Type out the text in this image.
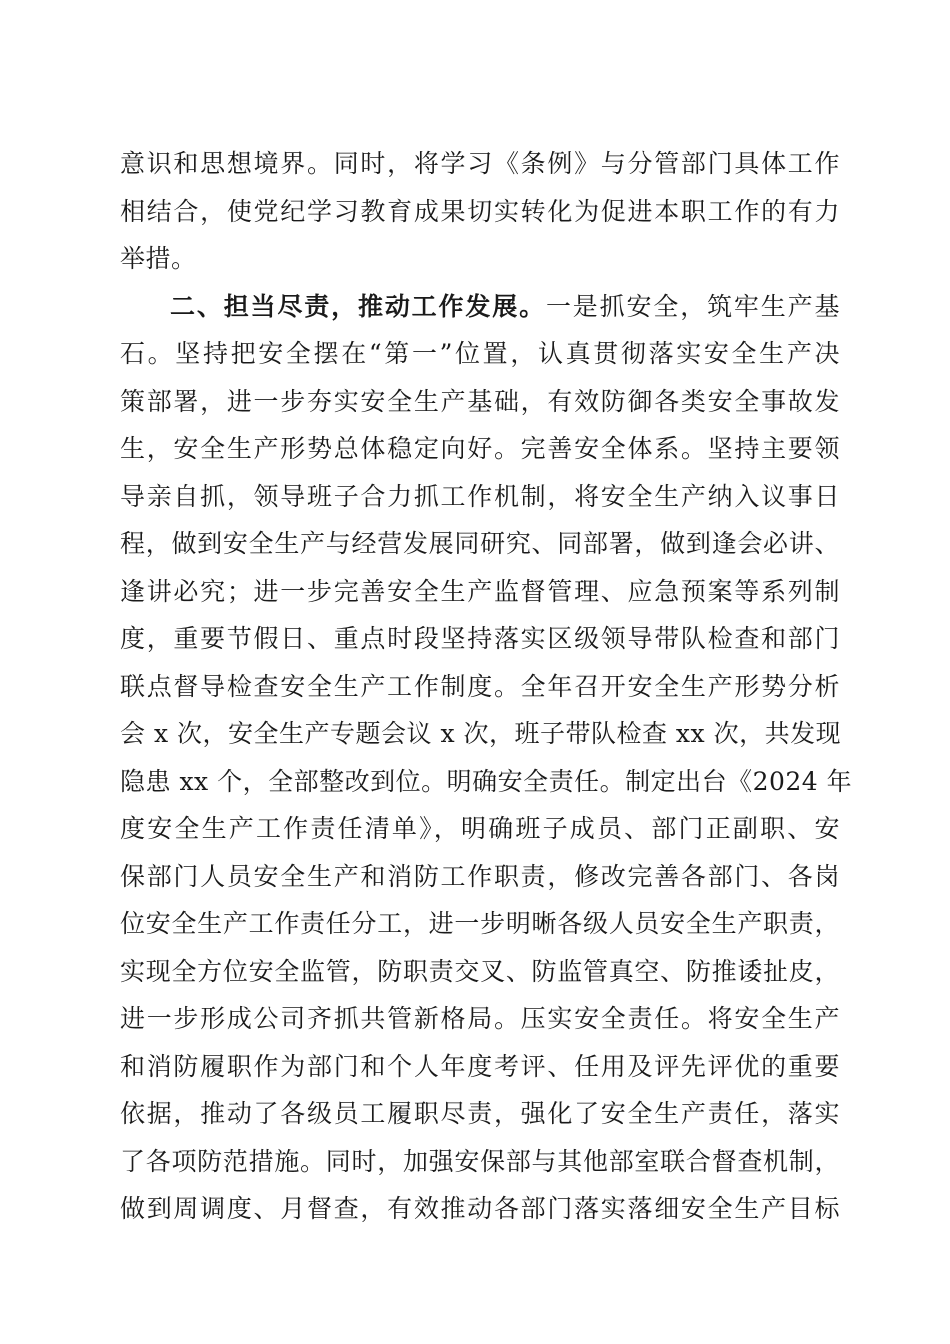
意识和思想境界。同时，将学习《条例》与分管部门具体工作
相结合，使党纪学习教育成果切实转化为促进本职工作的有力
举措。
二、担当尽责，推动工作发展。一是抓安全，筑牢生产基
石。坚持把安全摆在“第一”位置，认真贯彻落实安全生产决
策部署，进一步夯实安全生产基础，有效防御各类安全事故发
生，安全生产形势总体稳定向好。完善安全体系。坚持主要领
导亲自抓，领导班子合力抓工作机制，将安全生产纳入议事日
程，做到安全生产与经营发展同研究、同部署，做到逢会必讲、
逢讲必究；进一步完善安全生产监督管理、应急预案等系列制
度，重要节假日、重点时段坚持落实区级领导带队检查和部门
联点督导检查安全生产工作制度。全年召开安全生产形势分析
会 x 次，安全生产专题会议 x 次，班子带队检查 xx 次，共发现
隐患 xx 个，全部整改到位。明确安全责任。制定出台《2024 年
度安全生产工作责任清单》，明确班子成员、部门正副职、安
保部门人员安全生产和消防工作职责，修改完善各部门、各岗
位安全生产工作责任分工，进一步明晰各级人员安全生产职责，
实现全方位安全监管，防职责交叉、防监管真空、防推诿扯皮，
进一步形成公司齐抓共管新格局。压实安全责任。将安全生产
和消防履职作为部门和个人年度考评、任用及评先评优的重要
依据，推动了各级员工履职尽责，强化了安全生产责任，落实
了各项防范措施。同时，加强安保部与其他部室联合督查机制，
做到周调度、月督查，有效推动各部门落实落细安全生产目标
